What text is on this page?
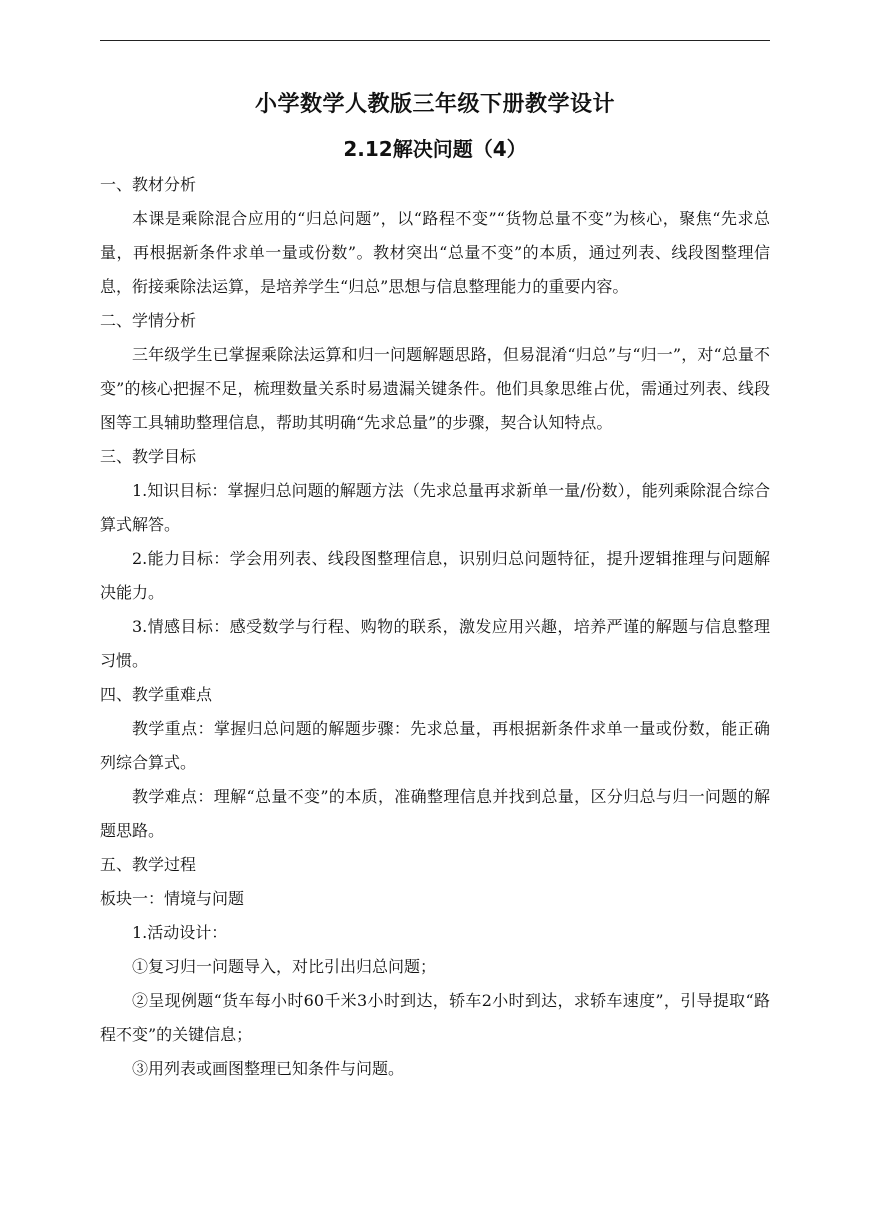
小学数学人教版三年级下册教学设计
2.12解决问题（4）

一、教材分析

本课是乘除混合应用的“归总问题”，以“路程不变”“货物总量不变”为核心，聚焦“先求总量，再根据新条件求单一量或份数”。教材突出“总量不变”的本质，通过列表、线段图整理信息，衔接乘除法运算，是培养学生“归总”思想与信息整理能力的重要内容。

二、学情分析

三年级学生已掌握乘除法运算和归一问题解题思路，但易混淆“归总”与“归一”，对“总量不变”的核心把握不足，梳理数量关系时易遗漏关键条件。他们具象思维占优，需通过列表、线段图等工具辅助整理信息，帮助其明确“先求总量”的步骤，契合认知特点。

三、教学目标

1.知识目标：掌握归总问题的解题方法（先求总量再求新单一量/份数），能列乘除混合综合算式解答。

2.能力目标：学会用列表、线段图整理信息，识别归总问题特征，提升逻辑推理与问题解决能力。

3.情感目标：感受数学与行程、购物的联系，激发应用兴趣，培养严谨的解题与信息整理习惯。

四、教学重难点

教学重点：掌握归总问题的解题步骤：先求总量，再根据新条件求单一量或份数，能正确列综合算式。

教学难点：理解“总量不变”的本质，准确整理信息并找到总量，区分归总与归一问题的解题思路。

五、教学过程

板块一：情境与问题

1.活动设计：

①复习归一问题导入，对比引出归总问题；

②呈现例题“货车每小时60千米3小时到达，轿车2小时到达，求轿车速度”，引导提取“路程不变”的关键信息；

③用列表或画图整理已知条件与问题。
